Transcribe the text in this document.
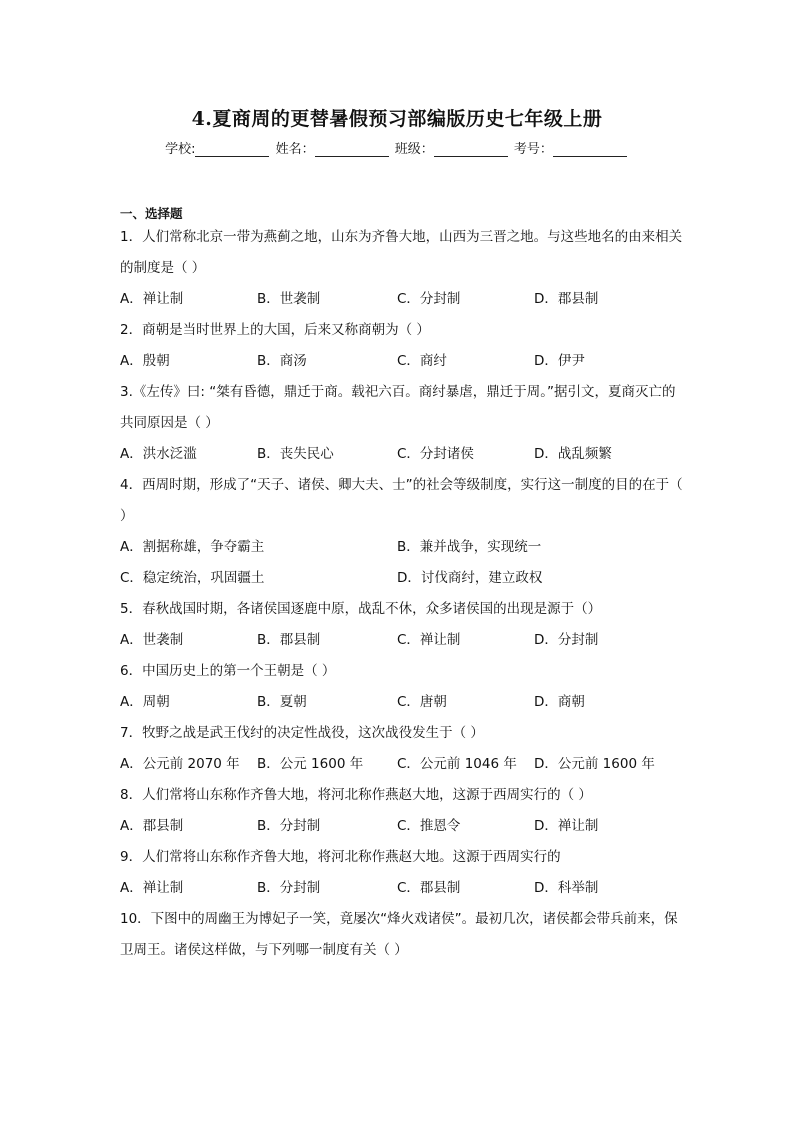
4.夏商周的更替暑假预习部编版历史七年级上册
学校:	姓名：	班级：	考号：
一、选择题
1．人们常称北京一带为燕蓟之地，山东为齐鲁大地，山西为三晋之地。与这些地名的由来相关的制度是（ ）
A．禅让制	B．世袭制	C．分封制	D．郡县制
2．商朝是当时世界上的大国，后来又称商朝为（ ）
A．殷朝	B．商汤	C．商纣	D．伊尹
3.《左传》曰: “桀有昏德，鼎迁于商。载祀六百。商纣暴虐，鼎迁于周。”据引文，夏商灭亡的共同原因是（ ）
A．洪水泛滥	B．丧失民心	C．分封诸侯	D．战乱频繁
4．西周时期，形成了“天子、诸侯、卿大夫、士”的社会等级制度，实行这一制度的目的在于（ ）
A．割据称雄，争夺霸主	B．兼并战争，实现统一
C．稳定统治，巩固疆土	D．讨伐商纣，建立政权
5．春秋战国时期，各诸侯国逐鹿中原，战乱不休，众多诸侯国的出现是源于（）
A．世袭制	B．郡县制	C．禅让制	D．分封制
6．中国历史上的第一个王朝是（ ）
A．周朝	B．夏朝	C．唐朝	D．商朝
7．牧野之战是武王伐纣的决定性战役，这次战役发生于（ ）
A．公元前 2070 年 B．公元 1600 年	C．公元前 1046 年 D．公元前 1600 年
8．人们常将山东称作齐鲁大地，将河北称作燕赵大地，这源于西周实行的（ ）
A．郡县制	B．分封制	C．推恩令	D．禅让制
9．人们常将山东称作齐鲁大地，将河北称作燕赵大地。这源于西周实行的
A．禅让制	B．分封制	C．郡县制	D．科举制
10．下图中的周幽王为博妃子一笑，竟屡次“烽火戏诸侯”。最初几次，诸侯都会带兵前来，保卫周王。诸侯这样做，与下列哪一制度有关（ ）
